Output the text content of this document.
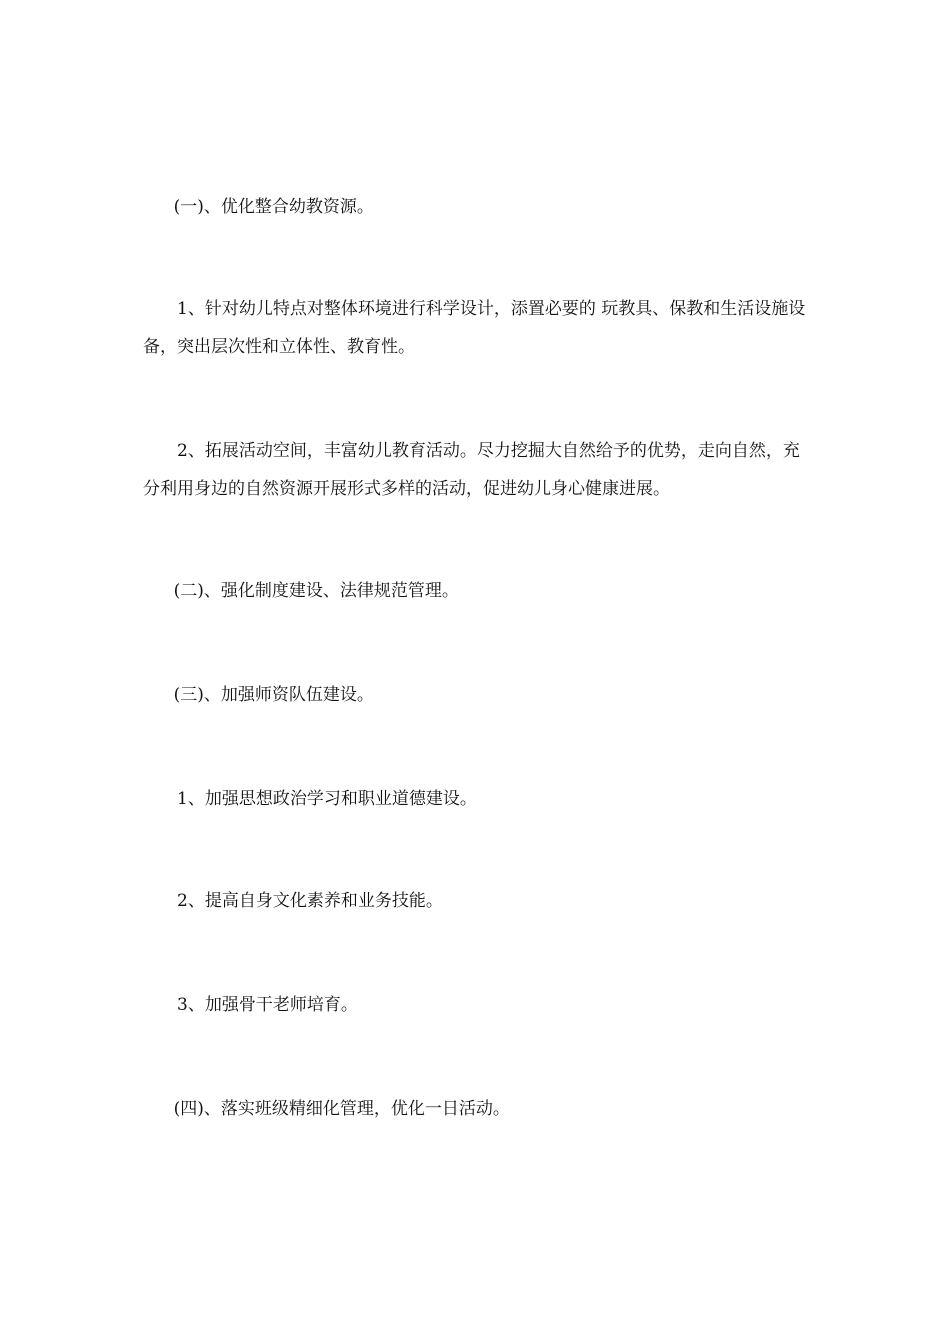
(一)、优化整合幼教资源。

1、针对幼儿特点对整体环境进行科学设计，添置必要的 玩教具、保教和生活设施设备，突出层次性和立体性、教育性。

2、拓展活动空间，丰富幼儿教育活动。尽力挖掘大自然给予的优势，走向自然，充分利用身边的自然资源开展形式多样的活动，促进幼儿身心健康进展。

(二)、强化制度建设、法律规范管理。

(三)、加强师资队伍建设。

1、加强思想政治学习和职业道德建设。

2、提高自身文化素养和业务技能。

3、加强骨干老师培育。

(四)、落实班级精细化管理，优化一日活动。
